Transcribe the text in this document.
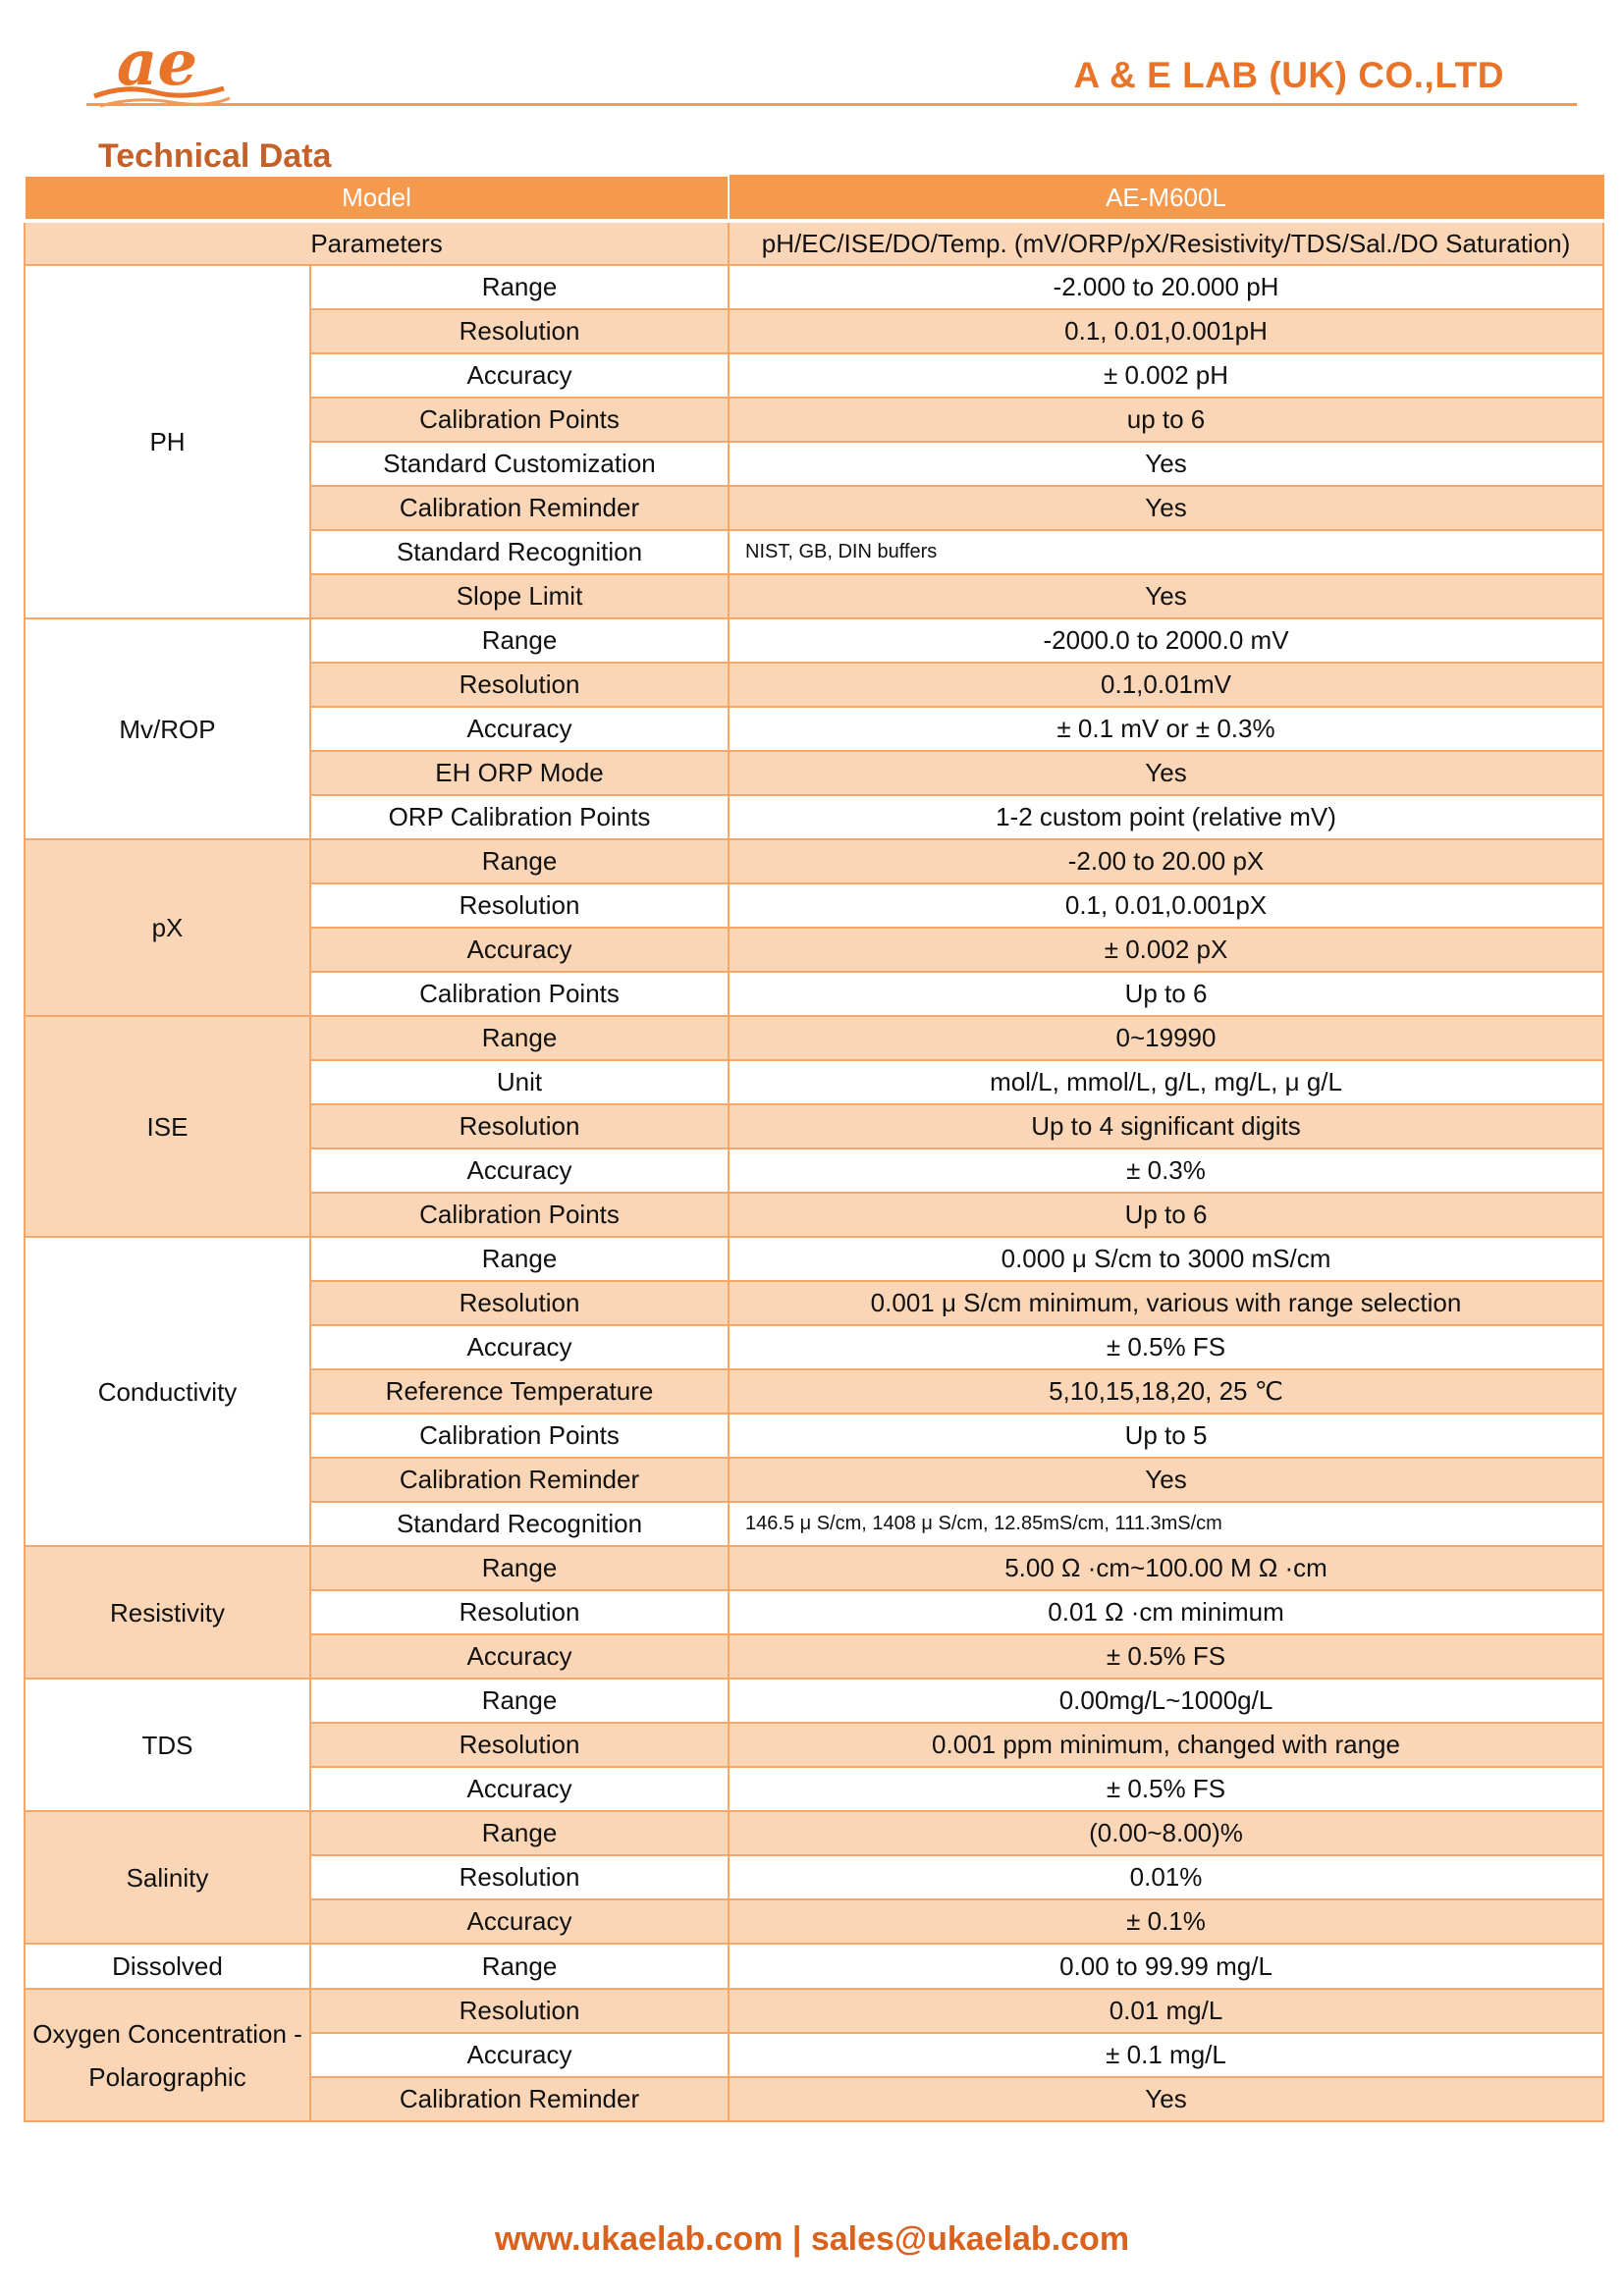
ae	A & E LAB (UK) CO.,LTD
Technical Data
Model		AE-M600L
Parameters		pH/EC/ISE/DO/Temp. (mV/ORP/pX/Resistivity/TDS/Sal./DO Saturation)
PH	Range	-2.000 to 20.000 pH
	Resolution	0.1, 0.01,0.001pH
	Accuracy	± 0.002 pH
	Calibration Points	up to 6
	Standard Customization	Yes
	Calibration Reminder	Yes
	Standard Recognition	NIST, GB, DIN buffers
	Slope Limit	Yes
Mv/ROP	Range	-2000.0 to 2000.0 mV
	Resolution	0.1,0.01mV
	Accuracy	± 0.1 mV or ± 0.3%
	EH ORP Mode	Yes
	ORP Calibration Points	1-2 custom point (relative mV)
pX	Range	-2.00 to 20.00 pX
	Resolution	0.1, 0.01,0.001pX
	Accuracy	± 0.002 pX
	Calibration Points	Up to 6
ISE	Range	0~19990
	Unit	mol/L, mmol/L, g/L, mg/L, μ g/L
	Resolution	Up to 4 significant digits
	Accuracy	± 0.3%
	Calibration Points	Up to 6
Conductivity	Range	0.000 μ S/cm to 3000 mS/cm
	Resolution	0.001 μ S/cm minimum, various with range selection
	Accuracy	± 0.5% FS
	Reference Temperature	5,10,15,18,20, 25 ℃
	Calibration Points	Up to 5
	Calibration Reminder	Yes
	Standard Recognition	146.5 μ S/cm, 1408 μ S/cm, 12.85mS/cm, 111.3mS/cm
Resistivity	Range	5.00 Ω ·cm~100.00 M Ω ·cm
	Resolution	0.01 Ω ·cm minimum
	Accuracy	± 0.5% FS
TDS	Range	0.00mg/L~1000g/L
	Resolution	0.001 ppm minimum, changed with range
	Accuracy	± 0.5% FS
Salinity	Range	(0.00~8.00)%
	Resolution	0.01%
	Accuracy	± 0.1%
Dissolved	Range	0.00 to 99.99 mg/L
Oxygen Concentration - Polarographic	Resolution	0.01 mg/L
	Accuracy	± 0.1 mg/L
	Calibration Reminder	Yes
www.ukaelab.com | sales@ukaelab.com
